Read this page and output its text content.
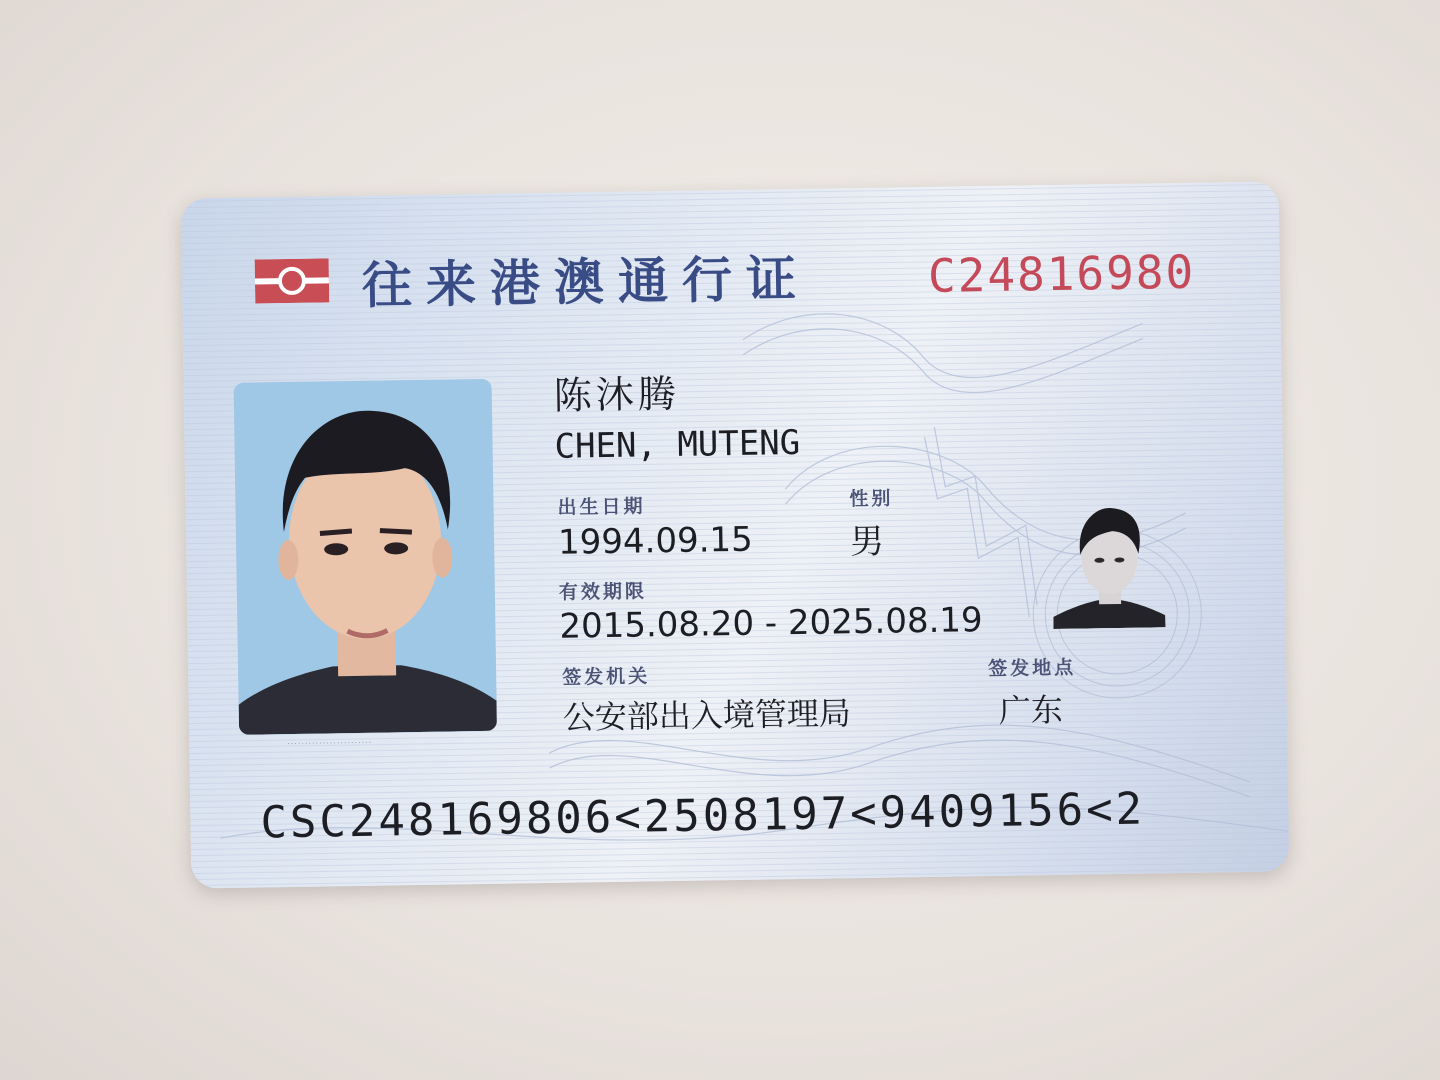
往来港澳通行证	C24816980
........................
陈沐腾
CHEN, MUTENG
出生日期
1994.09.15
性别
男
有效期限
2015.08.20 - 2025.08.19
签发机关
公安部出入境管理局
签发地点
广东
CSC248169806<2508197<9409156<2
